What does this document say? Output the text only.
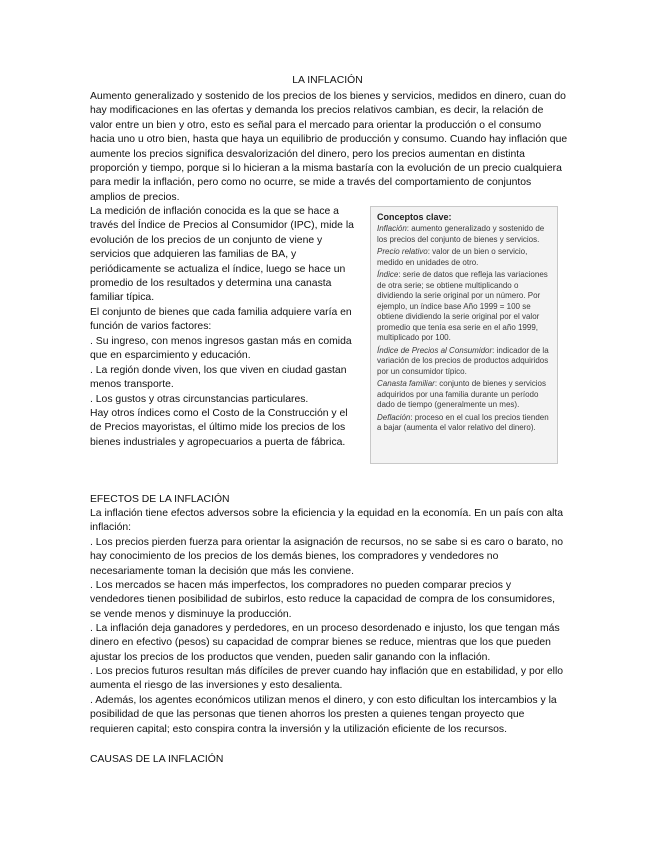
LA INFLACIÓN

Aumento generalizado y sostenido de los precios de los bienes y servicios, medidos en dinero, cuan do hay modificaciones en las ofertas y demanda los precios relativos cambian, es decir, la relación de valor entre un bien y otro, esto es señal para el mercado para orientar la producción o el consumo hacia uno u otro bien, hasta que haya un equilibrio de producción y consumo. Cuando hay inflación que aumente los precios significa desvalorización del dinero, pero los precios aumentan en distinta proporción y tiempo, porque si lo hicieran a la misma bastaría con la evolución de un precio cualquiera para medir la inflación, pero como no ocurre, se mide a través del comportamiento de conjuntos amplios de precios.

La medición de inflación conocida es la que se hace a través del Índice de Precios al Consumidor (IPC), mide la evolución de los precios de un conjunto de viene y servicios que adquieren las familias de BA, y periódicamente se actualiza el índice, luego se hace un promedio de los resultados y determina una canasta familiar típica.

El conjunto de bienes que cada familia adquiere varía en función de varios factores:

. Su ingreso, con menos ingresos gastan más en comida que en esparcimiento y educación.

. La región donde viven, los que viven en ciudad gastan menos transporte.

. Los gustos y otras circunstancias particulares.

Hay otros índices como el Costo de la Construcción y el de Precios mayoristas, el último mide los precios de los bienes industriales y agropecuarios a puerta de fábrica.

Conceptos clave:

Inflación: aumento generalizado y sostenido de los precios del conjunto de bienes y servicios.

Precio relativo: valor de un bien o servicio, medido en unidades de otro.

Índice: serie de datos que refleja las variaciones de otra serie; se obtiene multiplicando o dividiendo la serie original por un número. Por ejemplo, un índice base Año 1999 = 100 se obtiene dividiendo la serie original por el valor promedio que tenía esa serie en el año 1999, multiplicado por 100.

Índice de Precios al Consumidor: indicador de la variación de los precios de productos adquiridos por un consumidor típico.

Canasta familiar: conjunto de bienes y servicios adquiridos por una familia durante un período dado de tiempo (generalmente un mes).

Deflación: proceso en el cual los precios tienden a bajar (aumenta el valor relativo del dinero).

EFECTOS DE LA INFLACIÓN

La inflación tiene efectos adversos sobre la eficiencia y la equidad en la economía. En un país con alta inflación:

. Los precios pierden fuerza para orientar la asignación de recursos, no se sabe si es caro o barato, no hay conocimiento de los precios de los demás bienes, los compradores y vendedores no necesariamente toman la decisión que más les conviene.

. Los mercados se hacen más imperfectos, los compradores no pueden comparar precios y vendedores tienen posibilidad de subirlos, esto reduce la capacidad de compra de los consumidores, se vende menos y disminuye la producción.

. La inflación deja ganadores y perdedores, en un proceso desordenado e injusto, los que tengan más dinero en efectivo (pesos) su capacidad de comprar bienes se reduce, mientras que los que pueden ajustar los precios de los productos que venden, pueden salir ganando con la inflación.

. Los precios futuros resultan más difíciles de prever cuando hay inflación que en estabilidad, y por ello aumenta el riesgo de las inversiones y esto desalienta.

. Además, los agentes económicos utilizan menos el dinero, y con esto dificultan los intercambios y la posibilidad de que las personas que tienen ahorros los presten a quienes tengan proyecto que requieren capital; esto conspira contra la inversión y la utilización eficiente de los recursos.

CAUSAS DE LA INFLACIÓN
